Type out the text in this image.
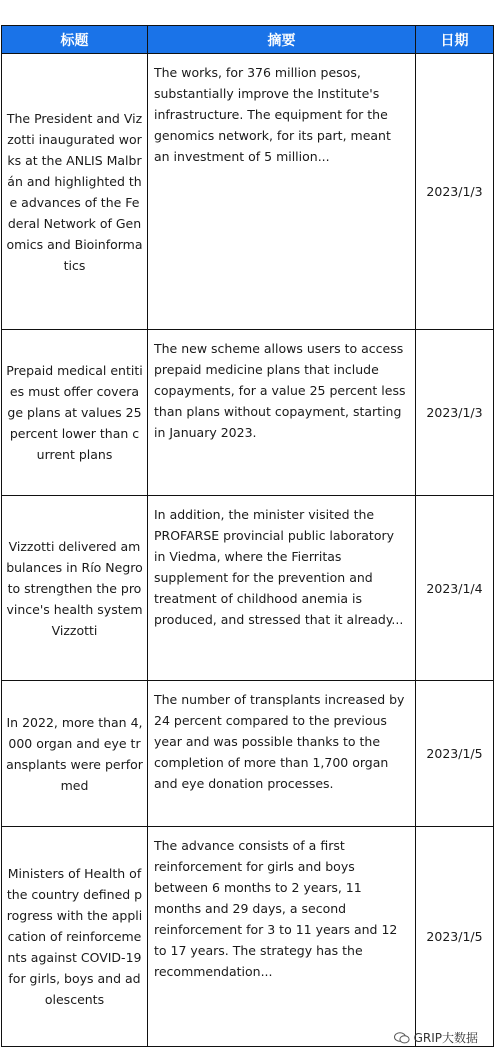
标题	摘要	日期
The President and Vizzotti inaugurated works at the ANLIS Malbrán and highlighted the advances of the Federal Network of Genomics and Bioinformatics	The works, for 376 million pesos, substantially improve the Institute's infrastructure. The equipment for the genomics network, for its part, meant an investment of 5 million...	2023/1/3
Prepaid medical entities must offer coverage plans at values 25 percent lower than current plans	The new scheme allows users to access prepaid medicine plans that include copayments, for a value 25 percent less than plans without copayment, starting in January 2023.	2023/1/3
Vizzotti delivered ambulances in Río Negro to strengthen the province's health systemVizzotti	In addition, the minister visited the PROFARSE provincial public laboratory in Viedma, where the Fierritas supplement for the prevention and treatment of childhood anemia is produced, and stressed that it already...	2023/1/4
In 2022, more than 4,000 organ and eye transplants were performed	The number of transplants increased by 24 percent compared to the previous year and was possible thanks to the completion of more than 1,700 organ and eye donation processes.	2023/1/5
Ministers of Health of the country defined progress with the application of reinforcements against COVID-19 for girls, boys and adolescents	The advance consists of a first reinforcement for girls and boys between 6 months to 2 years, 11 months and 29 days, a second reinforcement for 3 to 11 years and 12 to 17 years. The strategy has the recommendation...	2023/1/5
GRIP大数据
